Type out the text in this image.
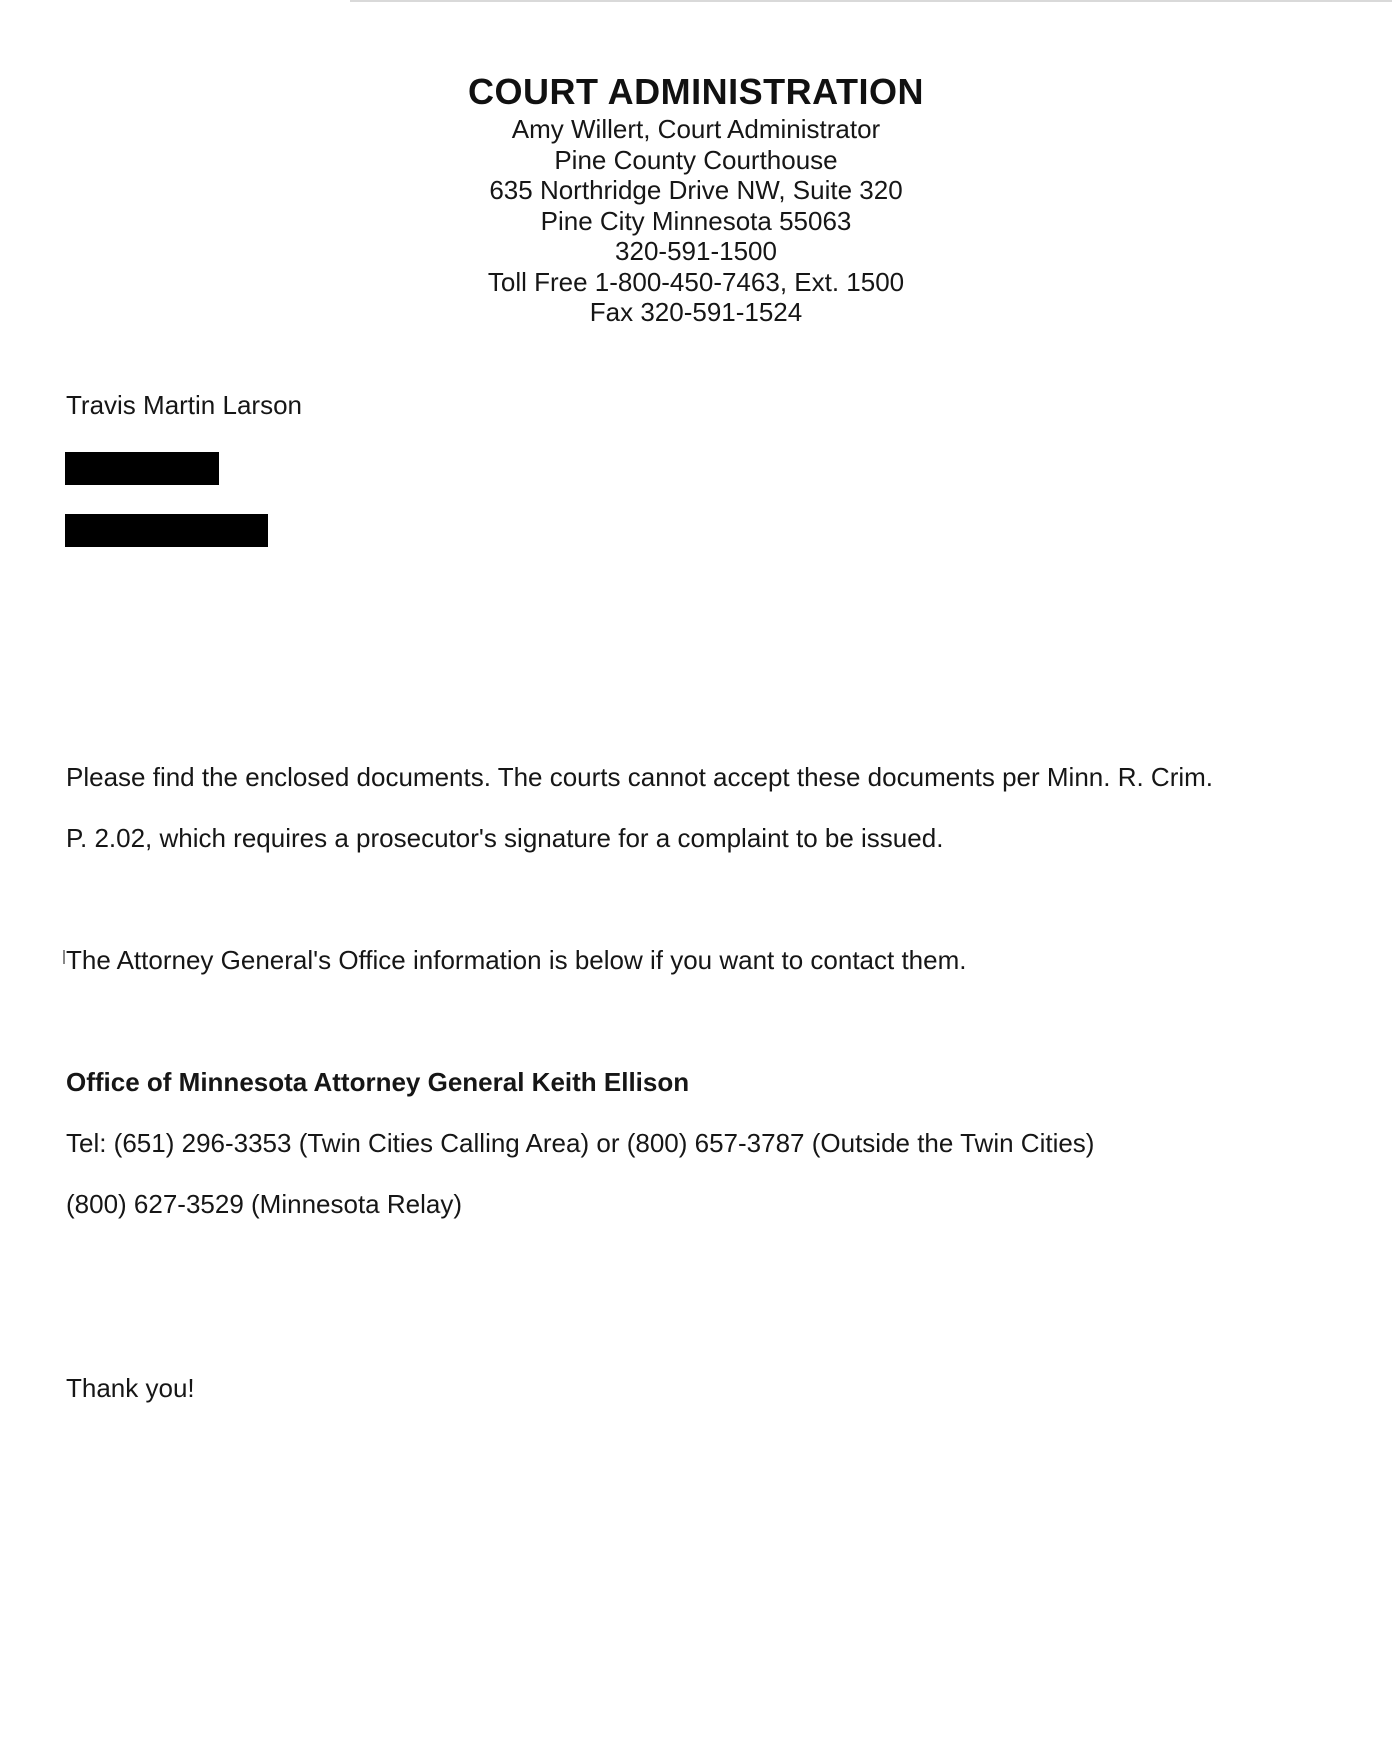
COURT ADMINISTRATION
Amy Willert, Court Administrator
Pine County Courthouse
635 Northridge Drive NW, Suite 320
Pine City Minnesota 55063
320-591-1500
Toll Free 1-800-450-7463, Ext. 1500
Fax 320-591-1524
Travis Martin Larson
Please find the enclosed documents. The courts cannot accept these documents per Minn. R. Crim.
P. 2.02, which requires a prosecutor's signature for a complaint to be issued.
The Attorney General's Office information is below if you want to contact them.
Office of Minnesota Attorney General Keith Ellison
Tel: (651) 296-3353 (Twin Cities Calling Area) or (800) 657-3787 (Outside the Twin Cities)
(800) 627-3529 (Minnesota Relay)
Thank you!
